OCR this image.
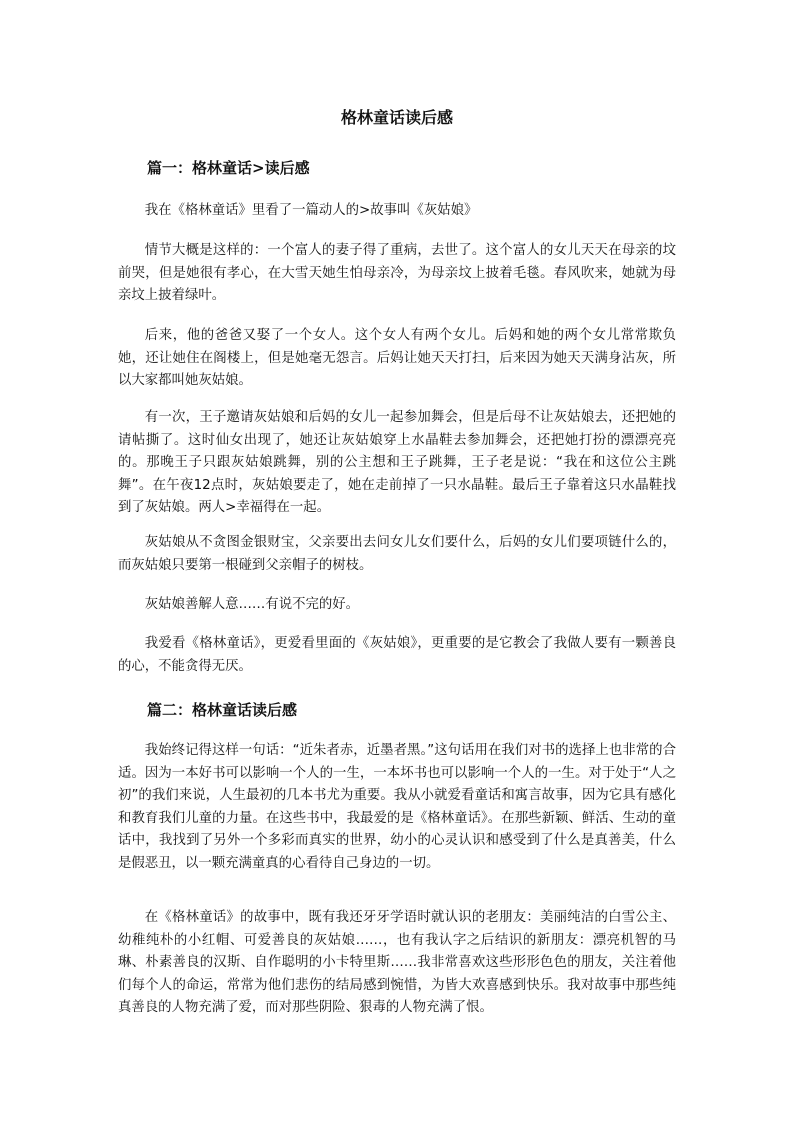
格林童话读后感
篇一：格林童话>读后感

我在《格林童话》里看了一篇动人的>故事叫《灰姑娘》

情节大概是这样的：一个富人的妻子得了重病，去世了。这个富人的女儿天天在母亲的坟前哭，但是她很有孝心，在大雪天她生怕母亲冷，为母亲坟上披着毛毯。春风吹来，她就为母亲坟上披着绿叶。

后来，他的爸爸又娶了一个女人。这个女人有两个女儿。后妈和她的两个女儿常常欺负她，还让她住在阁楼上，但是她毫无怨言。后妈让她天天打扫，后来因为她天天满身沾灰，所以大家都叫她灰姑娘。

有一次，王子邀请灰姑娘和后妈的女儿一起参加舞会，但是后母不让灰姑娘去，还把她的请帖撕了。这时仙女出现了，她还让灰姑娘穿上水晶鞋去参加舞会，还把她打扮的漂漂亮亮的。那晚王子只跟灰姑娘跳舞，别的公主想和王子跳舞，王子老是说：“我在和这位公主跳舞”。在午夜12点时，灰姑娘要走了，她在走前掉了一只水晶鞋。最后王子靠着这只水晶鞋找到了灰姑娘。两人>幸福得在一起。

灰姑娘从不贪图金银财宝，父亲要出去问女儿女们要什么，后妈的女儿们要项链什么的，而灰姑娘只要第一根碰到父亲帽子的树枝。

灰姑娘善解人意……有说不完的好。

我爱看《格林童话》，更爱看里面的《灰姑娘》，更重要的是它教会了我做人要有一颗善良的心，不能贪得无厌。

篇二：格林童话读后感

我始终记得这样一句话：“近朱者赤，近墨者黑。”这句话用在我们对书的选择上也非常的合适。因为一本好书可以影响一个人的一生，一本坏书也可以影响一个人的一生。对于处于“人之初”的我们来说，人生最初的几本书尤为重要。我从小就爱看童话和寓言故事，因为它具有感化和教育我们儿童的力量。在这些书中，我最爱的是《格林童话》。在那些新颖、鲜活、生动的童话中，我找到了另外一个多彩而真实的世界，幼小的心灵认识和感受到了什么是真善美，什么是假恶丑，以一颗充满童真的心看待自己身边的一切。

在《格林童话》的故事中，既有我还牙牙学语时就认识的老朋友：美丽纯洁的白雪公主、幼稚纯朴的小红帽、可爱善良的灰姑娘……，也有我认字之后结识的新朋友：漂亮机智的马琳、朴素善良的汉斯、自作聪明的小卡特里斯……我非常喜欢这些形形色色的朋友，关注着他们每个人的命运，常常为他们悲伤的结局感到惋惜，为皆大欢喜感到快乐。我对故事中那些纯真善良的人物充满了爱，而对那些阴险、狠毒的人物充满了恨。
